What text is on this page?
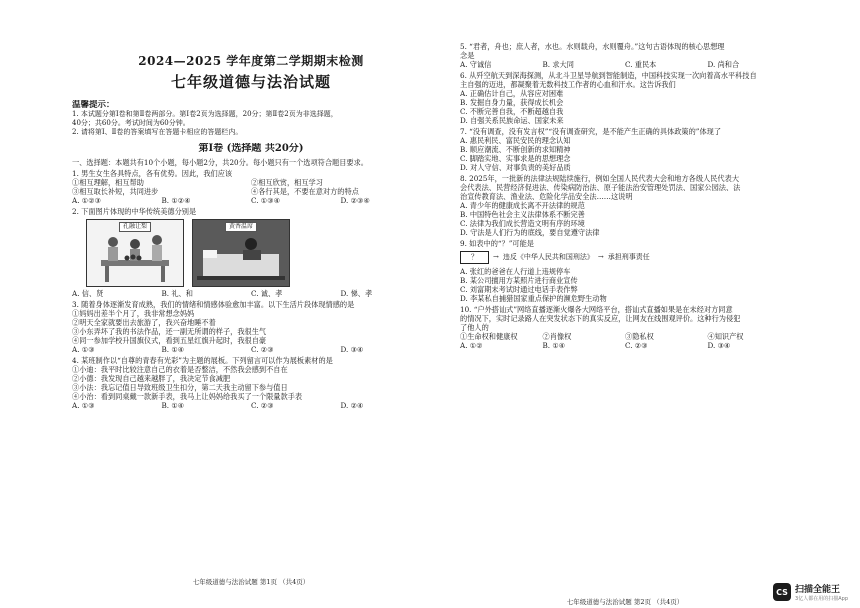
2024—2025 学年度第二学期期末检测

七年级道德与法治试题

温馨提示：

1. 本试题分第Ⅰ卷和第Ⅱ卷两部分。第Ⅰ卷2页为选择题，20分；第Ⅱ卷2页为非选择题，

40分；共60分。考试时间为60分钟。

2. 请将第Ⅰ、Ⅱ卷的答案填写在答题卡相应的答题栏内。

第Ⅰ卷 (选择题 共20分)

一、选择题：本题共有10个小题，每小题2分，共20分。每小题只有一个选项符合题目要求。

1. 男生女生各具特点，各有优势。因此，我们应该

①相互理解，相互帮助	②相互欣赏，相互学习
③相互取长补短，共同进步	④各行其是，不要在意对方的特点
A. ①②③	B. ①②④	C. ①③④	D. ②③④

2. 下面图片体现的中华传统美德分别是

孔融让梨	黄香温席
A. 信、贤	B. 礼、和	C. 诚、孝	D. 悌、孝

3. 随着身体逐渐发育成熟，我们的情绪和情感体验愈加丰富。以下生活片段体现情感的是

①妈妈出差半个月了，我非常想念妈妈

②明天全家就要出去旅游了，我兴奋地睡不着

③小东弄坏了我的书法作品，还一副无所谓的样子，我很生气

④同一参加学校升国旗仪式，看到五星红旗升起时，我很自豪

A. ①③	B. ①④	C. ②③	D. ③④

4. 某班制作以“自尊的青春有光彩”为主题的展板。下列留言可以作为展板素材的是

①小迪：我平时比较注意自己的衣着是否整洁，不然我会感到不自在

②小德：我发现自己越来越胖了，我决定节食减肥

③小法：我忘记值日导致班级卫生扣分，第二天我主动留下参与值日

④小治：看到同桌戴一款新手表，我马上让妈妈给我买了一个限量款手表

A. ①③	B. ①④	C. ②③	D. ②④
七年级道德与法治试题 第1页 （共4页）

5. “君者，舟也；庶人者，水也。水则载舟，水则覆舟。”这句古语体现的核心思想理

念是

A. 守诚信	B. 求大同	C. 重民本	D. 尚和合

6. 从歼空航天到深海探测，从北斗卫星导航到智能制造，中国科技实现一次向着高水平科技自

主自强的迈进，都凝聚着无数科技工作者的心血和汗水。这告诉我们

A. 正确估计自己，从容应对困难

B. 发掘自身力量，获得成长机会

C. 不断完善自我，不断超越自我

D. 自强关系民族命运、国家未来

7. “没有调查，没有发言权”“没有调查研究，是不能产生正确的具体政策的”体现了

A. 惠民利民、富民安民的理念认知

B. 顺应潮流、不断创新的求知精神

C. 脚踏实地、实事求是的思想理念

D. 对人守信、对事负责的美好品质

8. 2025年，一批新的法律法规陆续施行，例如全国人民代表大会和地方各级人民代表大

会代表法、民营经济促进法、传染病防治法、原子能法治安管理处罚法、国家公园法、法

治宣传教育法、渔业法、危险化学品安全法……这说明

A. 青少年的健康成长离不开法律的规范

B. 中国特色社会主义法律体系不断完善

C. 法律为我们成长营造文明有序的环境

D. 守法是人们行为的底线，要自觉遵守法律

9. 如表中的“？”可能是

？	→ 违反《中华人民共和国刑法》 → 承担刑事责任

A. 张红的爸爸在人行道上违规停车

B. 某公司擅用方某照片进行商业宣传

C. 刘富期末考试时通过电话手表作弊

D. 李某私自捕猎国家重点保护的濒危野生动物

10. “户外搭讪式”网络直播逐渐火爆各大网络平台，搭讪式直播如果是在未经对方同意

的情况下，实时记录路人在突发状态下的真实反应，让网友在线围观评价。这种行为侵犯

了他人的

①生命权和健康权	②肖像权	③隐私权	④知识产权
A. ①②	B. ①④	C. ②③	D. ③④
七年级道德与法治试题 第2页 （共4页）
CS 扫描全能王
3亿人都在用的扫描App
